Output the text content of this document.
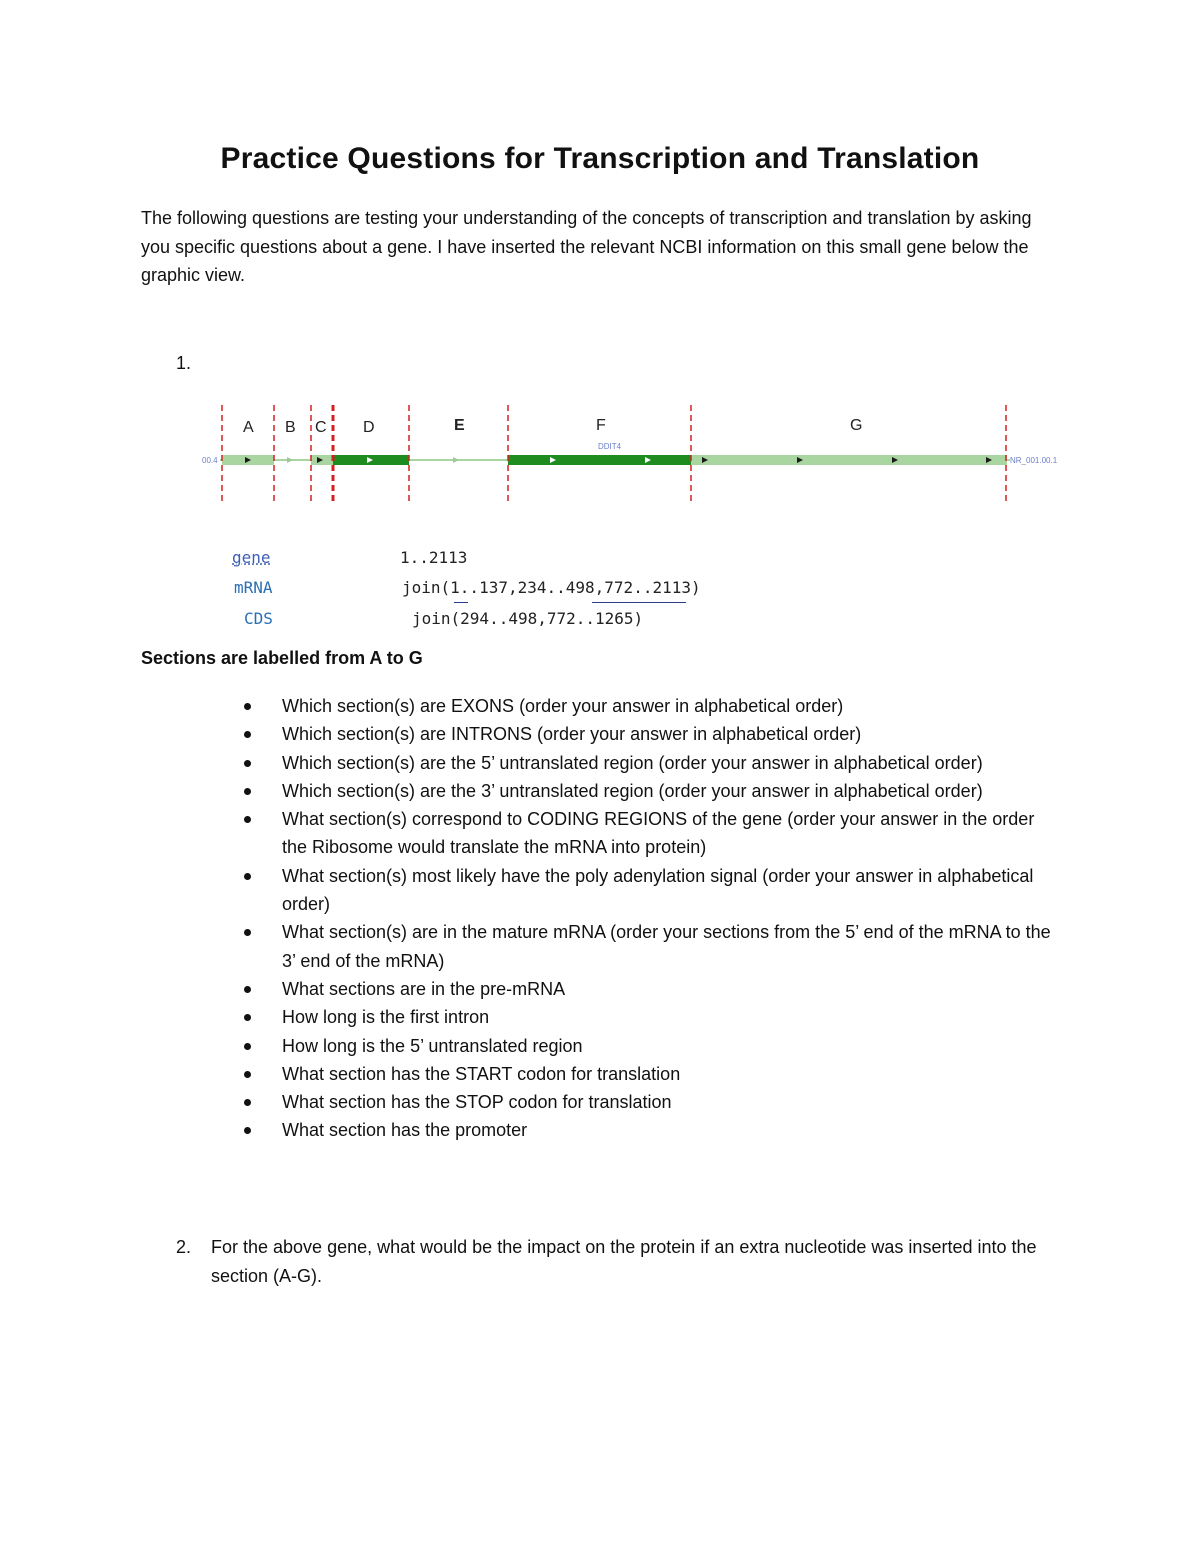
Practice Questions for Transcription and Translation
The following questions are testing your understanding of the concepts of transcription and translation by asking you specific questions about a gene. I have inserted the relevant NCBI information on this small gene below the graphic view.
1.
A B C D	E	F	G
DDIT4
00.4	NR_001.00.1
gene	1..2113
mRNA	join(1..137,234..498,772..2113)
CDS	join(294..498,772..1265)
Sections are labelled from A to G
Which section(s) are EXONS (order your answer in alphabetical order)
Which section(s) are INTRONS (order your answer in alphabetical order)
Which section(s) are the 5’ untranslated region (order your answer in alphabetical order)
Which section(s) are the 3’ untranslated region (order your answer in alphabetical order)
What section(s) correspond to CODING REGIONS of the gene (order your answer in the order the Ribosome would translate the mRNA into protein)
What section(s) most likely have the poly adenylation signal (order your answer in alphabetical order)
What section(s) are in the mature mRNA (order your sections from the 5’ end of the mRNA to the 3’ end of the mRNA)
What sections are in the pre-mRNA
How long is the first intron
How long is the 5’ untranslated region
What section has the START codon for translation
What section has the STOP codon for translation
What section has the promoter
2. For the above gene, what would be the impact on the protein if an extra nucleotide was inserted into the section (A-G).
